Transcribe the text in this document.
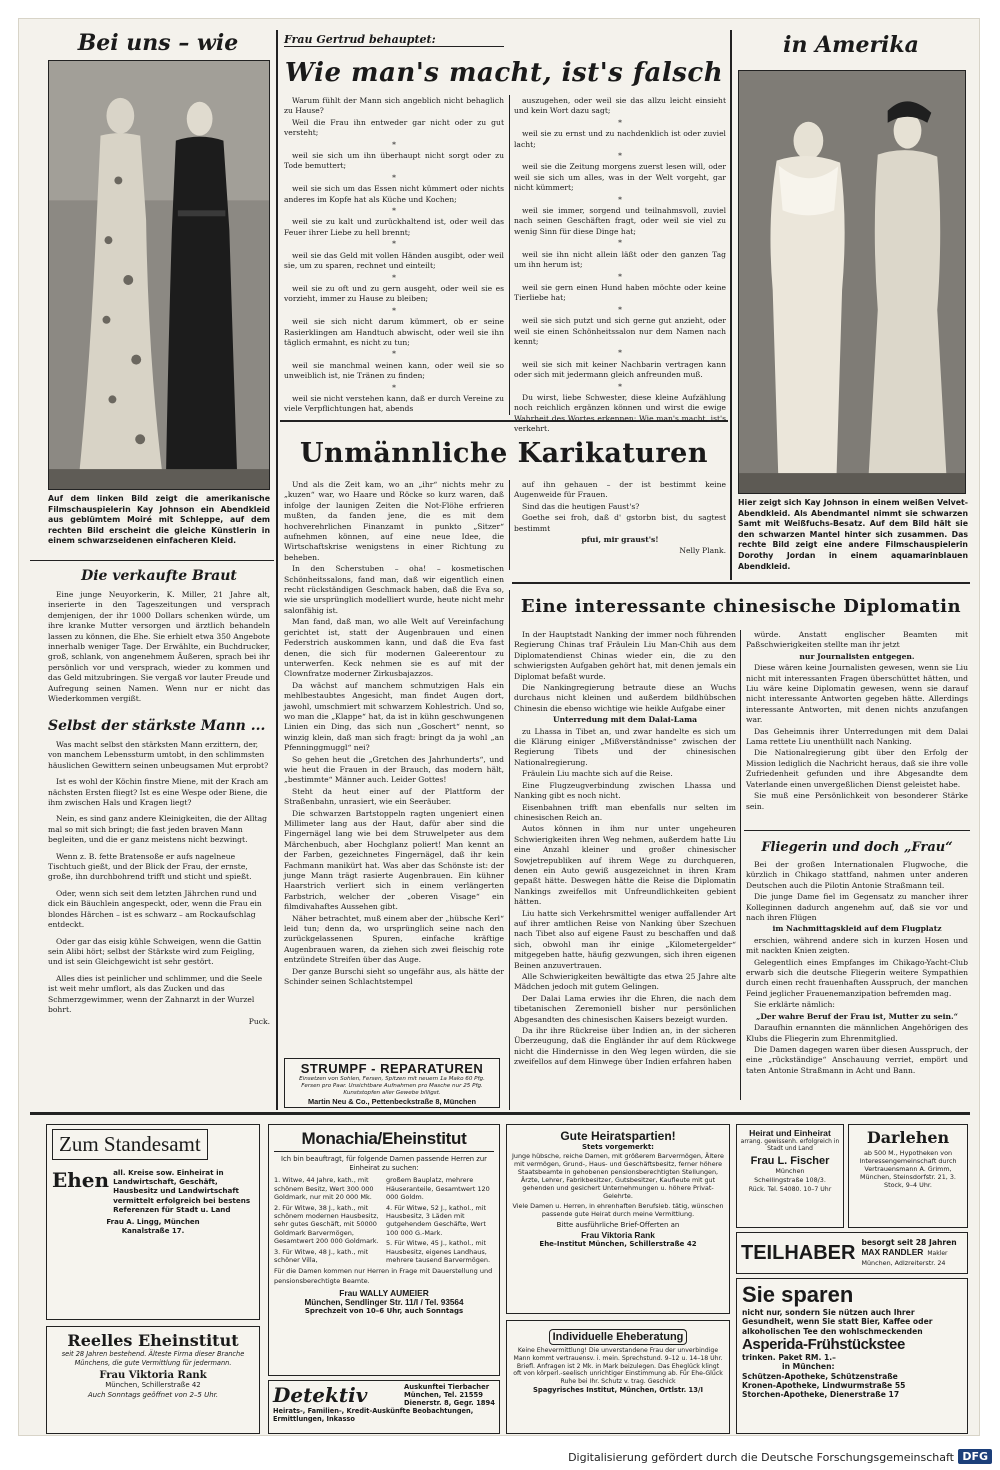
Bei uns – wie	Frau Gertrud behauptet:
Wie man's macht, ist's falsch
in Amerika
Auf dem linken Bild zeigt die amerikanische Filmschauspielerin Kay Johnson ein Abendkleid aus geblümtem Moiré mit Schleppe, auf dem rechten Bild erscheint die gleiche Künstlerin in einem schwarzseidenen einfacheren Kleid.
Hier zeigt sich Kay Johnson in einem weißen Velvet-Abendkleid. Als Abendmantel nimmt sie schwarzen Samt mit Weißfuchs-Besatz. Auf dem Bild hält sie den schwarzen Mantel hinter sich zusammen. Das rechte Bild zeigt eine andere Filmschauspielerin Dorothy Jordan in einem aquamarinblauen Abendkleid.

Warum fühlt der Mann sich angeblich nicht behaglich zu Hause?

Weil die Frau ihn entweder gar nicht oder zu gut versteht;

*

weil sie sich um ihn überhaupt nicht sorgt oder zu Tode bemuttert;

*

weil sie sich um das Essen nicht kümmert oder nichts anderes im Kopfe hat als Küche und Kochen;

*

weil sie zu kalt und zurückhaltend ist, oder weil das Feuer ihrer Liebe zu hell brennt;

*

weil sie das Geld mit vollen Händen ausgibt, oder weil sie, um zu sparen, rechnet und einteilt;

*

weil sie zu oft und zu gern ausgeht, oder weil sie es vorzieht, immer zu Hause zu bleiben;

*

weil sie sich nicht darum kümmert, ob er seine Rasierklingen am Handtuch abwischt, oder weil sie ihn täglich ermahnt, es nicht zu tun;

*

weil sie manchmal weinen kann, oder weil sie so unweiblich ist, nie Tränen zu finden;

*

weil sie nicht verstehen kann, daß er durch Vereine zu viele Verpflichtungen hat, abends

auszugehen, oder weil sie das allzu leicht einsieht und kein Wort dazu sagt;

*

weil sie zu ernst und zu nachdenklich ist oder zuviel lacht;

*

weil sie die Zeitung morgens zuerst lesen will, oder weil sie sich um alles, was in der Welt vorgeht, gar nicht kümmert;

*

weil sie immer, sorgend und teilnahmsvoll, zuviel nach seinen Geschäften fragt, oder weil sie viel zu wenig Sinn für diese Dinge hat;

*

weil sie ihn nicht allein läßt oder den ganzen Tag um ihn herum ist;

*

weil sie gern einen Hund haben möchte oder keine Tierliebe hat;

*

weil sie sich putzt und sich gerne gut anzieht, oder weil sie einen Schönheitssalon nur dem Namen nach kennt;

*

weil sie sich mit keiner Nachbarin vertragen kann oder sich mit jedermann gleich anfreunden muß.

*

Du wirst, liebe Schwester, diese kleine Aufzählung noch reichlich ergänzen können und wirst die ewige Wahrheit des Wortes erkennen: Wie man's macht, ist's verkehrt.

Unmännliche Karikaturen

Und als die Zeit kam, wo an „ihr“ nichts mehr zu „kuzen“ war, wo Haare und Röcke so kurz waren, daß infolge der launigen Zeiten die Not-Flöhe erfrieren mußten, da fanden jene, die es mit dem hochverehrlichen Finanzamt in punkto „Sitzer“ aufnehmen können, auf eine neue Idee, die Wirtschaftskrise wenigstens in einer Richtung zu beheben.

In den Scherstuben – oha! – kosmetischen Schönheitssalons, fand man, daß wir eigentlich einen recht rückständigen Geschmack haben, daß die Eva so, wie sie ursprünglich modelliert wurde, heute nicht mehr salonfähig ist.

Man fand, daß man, wo alle Welt auf Vereinfachung gerichtet ist, statt der Augenbrauen und einen Federstrich auskommen kann, und daß die Eva fast denen, die sich für modernen Galeerentour zu unterwerfen. Keck nehmen sie es auf mit der Clownfratze moderner Zirkusbajazzos.

Da wächst auf manchem schmutzigen Hals ein mehlbestaubtes Angesicht, man findet Augen dort, jawohl, umschmiert mit schwarzem Kohlestrich. Und so, wo man die „Klappe“ hat, da ist in kühn geschwungenen Linien ein Ding, das sich nun „Goschert“ nennt, so winzig klein, daß man sich fragt: bringt da ja wohl „an Pfenninggmuggl“ nei?

So gehen heut die „Gretchen des Jahrhunderts“, und wie heut die Frauen in der Brauch, das modern hält, „bestimmte“ Männer auch. Leider Gottes!

Steht da heut einer auf der Plattform der Straßenbahn, unrasiert, wie ein Seeräuber.

Die schwarzen Bartstoppeln ragten ungeniert einen Millimeter lang aus der Haut, dafür aber sind die Fingernägel lang wie bei dem Struwelpeter aus dem Märchenbuch, aber Hochglanz poliert! Man kennt an der Farben, gezeichnetes Fingernägel, daß ihr kein Fachmann manikürt hat. Was aber das Schönste ist: der junge Mann trägt rasierte Augenbrauen. Ein kühner Haarstrich verliert sich in einem verlängerten Farbstrich, welcher der „oberen Visage“ ein filmdivahaftes Aussehen gibt.

Näher betrachtet, muß einem aber der „hübsche Kerl“ leid tun; denn da, wo ursprünglich seine nach den zurückgelassenen Spuren, einfache kräftige Augenbrauen waren, da ziehen sich zwei fleischig rote entzündete Streifen über das Auge.

Der ganze Burschi sieht so ungefähr aus, als hätte der Schinder seinen Schlachtstempel

auf ihn gehauen – der ist bestimmt keine Augenweide für Frauen.

Sind das die heutigen Faust's?

Goethe sei froh, daß d' gstorbn bist, du sagtest bestimmt

pfui, mir graust's!

Nelly Plank.

STRUMPF - REPARATUREN
Einsetzen von Sohlen, Fersen, Spitzen mit neuem 1a Mako 60 Pfg. Fersen pro Paar. Unsichtbare Aufnahmen pro Masche nur 25 Pfg. Kunststopfen aller Gewebe billigst.
Martin Neu & Co., Pettenbeckstraße 8, München
Die verkaufte Braut
Eine junge Neuyorkerin, K. Miller, 21 Jahre alt, inserierte in den Tageszeitungen und versprach demjenigen, der ihr 1000 Dollars schenken würde, um ihre kranke Mutter versorgen und ärztlich behandeln lassen zu können, die Ehe. Sie erhielt etwa 350 Angebote innerhalb weniger Tage. Der Erwählte, ein Buchdrucker, groß, schlank, von angenehmem Äußeren, sprach bei ihr persönlich vor und versprach, wieder zu kommen und das Geld mitzubringen. Sie vergaß vor lauter Freude und Aufregung seinen Namen. Wenn nur er nicht das Wiederkommen vergißt.
Selbst der stärkste Mann ...

Was macht selbst den stärksten Mann erzittern, der, von manchem Lebenssturm umtobt, in den schlimmsten häuslichen Gewittern seinen unbeugsamen Mut erprobt?

Ist es wohl der Köchin finstre Miene, mit der Krach am nächsten Ersten fliegt? Ist es eine Wespe oder Biene, die ihm zwischen Hals und Kragen liegt?

Nein, es sind ganz andere Kleinigkeiten, die der Alltag mal so mit sich bringt; die fast jeden braven Mann begleiten, und die er ganz meistens nicht bezwingt.

Wenn z. B. fette Bratensoße er aufs nagelneue Tischtuch gießt, und der Blick der Frau, der ernste, große, ihn durchbohrend trifft und sticht und spießt.

Oder, wenn sich seit dem letzten Jährchen rund und dick ein Bäuchlein angespeckt, oder, wenn die Frau ein blondes Härchen – ist es schwarz – am Rockaufschlag entdeckt.

Oder gar das eisig kühle Schweigen, wenn die Gattin sein Alibi hört; selbst der Stärkste wird zum Feigling, und ist sein Gleichgewicht ist sehr gestört.

Alles dies ist peinlicher und schlimmer, und die Seele ist weit mehr umflort, als das Zucken und das Schmerzgewimmer, wenn der Zahnarzt in der Wurzel bohrt.

Puck.

Eine interessante chinesische Diplomatin

In der Hauptstadt Nanking der immer noch führenden Regierung Chinas traf Fräulein Liu Man-Chih aus dem Diplomatendienst Chinas wieder ein, die zu den schwierigsten Aufgaben gehört hat, mit denen jemals ein Diplomat befaßt wurde.

Die Nankingregierung betraute diese an Wuchs durchaus nicht kleinen und außerdem bildhübschen Chinesin die ebenso wichtige wie heikle Aufgabe einer

Unterredung mit dem Dalai-Lama

zu Lhassa in Tibet an, und zwar handelte es sich um die Klärung einiger „Mißverständnisse“ zwischen der Regierung Tibets und der chinesischen Nationalregierung.

Fräulein Liu machte sich auf die Reise.

Eine Flugzeugverbindung zwischen Lhassa und Nanking gibt es noch nicht.

Eisenbahnen trifft man ebenfalls nur selten im chinesischen Reich an.

Autos können in ihm nur unter ungeheuren Schwierigkeiten ihren Weg nehmen, außerdem hatte Liu eine Anzahl kleiner und großer chinesischer Sowjetrepubliken auf ihrem Wege zu durchqueren, denen ein Auto gewiß ausgezeichnet in ihren Kram gepaßt hätte. Deswegen hätte die Reise die Diplomatin Nankings zweifellos mit Unfreundlichkeiten gebient hätten.

Liu hatte sich Verkehrsmittel weniger auffallender Art auf ihrer amtlichen Reise von Nanking über Szechuen nach Tibet also auf eigene Faust zu beschaffen und daß sich, obwohl man ihr einige „Kilometergelder“ mitgegeben hatte, häufig gezwungen, sich ihren eigenen Beinen anzuvertrauen.

Alle Schwierigkeiten bewältigte das etwa 25 Jahre alte Mädchen jedoch mit gutem Gelingen.

Der Dalai Lama erwies ihr die Ehren, die nach dem tibetanischen Zeremoniell bisher nur persönlichen Abgesandten des chinesischen Kaisers bezeigt wurden.

Da ihr ihre Rückreise über Indien an, in der sicheren Überzeugung, daß die Engländer ihr auf dem Rückwege nicht die Hindernisse in den Weg legen würden, die sie zweifellos auf dem Hinwege über Indien erfahren haben

würde. Anstatt englischer Beamten mit Paßschwierigkeiten stellte man ihr jetzt

nur Journalisten entgegen.

Diese wären keine Journalisten gewesen, wenn sie Liu nicht mit interessanten Fragen überschüttet hätten, und Liu wäre keine Diplomatin gewesen, wenn sie darauf nicht interessante Antworten gegeben hätte. Allerdings interessante Antworten, mit denen nichts anzufangen war.

Das Geheimnis ihrer Unterredungen mit dem Dalai Lama rettete Liu unenthüllt nach Nanking.

Die Nationalregierung gibt über den Erfolg der Mission lediglich die Nachricht heraus, daß sie ihre volle Zufriedenheit gefunden und ihre Abgesandte dem Vaterlande einen unvergeßlichen Dienst geleistet habe.

Sie muß eine Persönlichkeit von besonderer Stärke sein.

Fliegerin und doch „Frau“

Bei der großen Internationalen Flugwoche, die kürzlich in Chikago stattfand, nahmen unter anderen Deutschen auch die Pilotin Antonie Straßmann teil.

Die junge Dame fiel im Gegensatz zu mancher ihrer Kolleginnen dadurch angenehm auf, daß sie vor und nach ihren Flügen

im Nachmittagskleid auf dem Flugplatz

erschien, während andere sich in kurzen Hosen und mit nackten Knien zeigten.

Gelegentlich eines Empfanges im Chikago-Yacht-Club erwarb sich die deutsche Fliegerin weitere Sympathien durch einen recht frauenhaften Ausspruch, der manchen Feind jeglicher Frauenemanzipation befremden mag.

Sie erklärte nämlich:

„Der wahre Beruf der Frau ist, Mutter zu sein.“

Daraufhin ernannten die männlichen Angehörigen des Klubs die Fliegerin zum Ehrenmitglied.

Die Damen dagegen waren über diesen Ausspruch, der eine „rückständige“ Anschauung verriet, empört und taten Antonie Straßmann in Acht und Bann.

Zum Standesamt
Ehen all. Kreise sow. Einheirat in Landwirtschaft, Geschäft, Hausbesitz und Landwirtschaft vermittelt erfolgreich bei bestens Referenzen für Stadt u. Land
Frau A. Lingg, München
Kanalstraße 17.
Reelles Eheinstitut
seit 28 Jahren bestehend. Älteste Firma dieser Branche Münchens, die gute Vermittlung für jedermann.
Frau Viktoria Rank
München, Schillerstraße 42
Auch Sonntags geöffnet von 2–5 Uhr.
Monachia/Eheinstitut
Ich bin beauftragt, für folgende Damen passende Herren zur Einheirat zu suchen:
1. Witwe, 44 Jahre, kath., mit schönem Besitz, Wert 300 000 Goldmark, nur mit 20 000 Mk.
2. Für Witwe, 38 J., kath., mit schönem modernen Hausbesitz, sehr gutes Geschäft, mit 50000 Goldmark Barvermögen, Gesamtwert 200 000 Goldmark.
3. Für Witwe, 48 J., kath., mit schöner Villa,
großem Bauplatz, mehrere Häuseranteile, Gesamtwert 120 000 Goldm.
4. Für Witwe, 52 J., kathol., mit Hausbesitz, 3 Läden mit gutgehendem Geschäfte, Wert 100 000 G.-Mark.
5. Für Witwe, 45 J., kathol., mit Hausbesitz, eigenes Landhaus, mehrere tausend Barvermögen.
Für die Damen kommen nur Herren in Frage mit Dauerstellung und pensionsberechtigte Beamte.
Frau WALLY AUMEIER
München, Sendlinger Str. 11/I / Tel. 93564
Sprechzeit von 10–6 Uhr, auch Sonntags
Detektiv	Auskunftei Tierbacher
München, Tel. 21559
Dienerstr. 8, Gegr. 1894
Heirats-, Familien-, Kredit-Auskünfte Beobachtungen, Ermittlungen, Inkasso
Gute Heiratspartien!
Stets vorgemerkt:
Junge hübsche, reiche Damen, mit größerem Barvermögen, Ältere mit vermögen, Grund-, Haus- und Geschäftsbesitz, ferner höhere Staatsbeamte in gehobenen pensionsberechtigten Stellungen, Ärzte, Lehrer, Fabrikbesitzer, Gutsbesitzer, Kaufleute mit gut gehenden und gesichert Unternehmungen u. höhere Privat-Gelehrte.
Viele Damen u. Herren, in ehrenhaften Berufsleb. tätig, wünschen passende gute Heirat durch meine Vermittlung.
Bitte ausführliche Brief-Offerten an
Frau Viktoria Rank
Ehe-Institut München, Schillerstraße 42
Individuelle Eheberatung
Keine Ehevermittlung! Die unverstandene Frau der unverbindige Mann kommt vertrauensv. i. mein. Sprechstund. 9–12 u. 14–18 Uhr. Briefl. Anfragen ist 2 Mk. in Mark beizulegen. Das Eheglück klingt oft von körperl.-seelisch unrichtiger Einstimmung ab. Für Ehe-Glück Ruhe bei Ihr. Schutz v. trag. Geschick
Spagyrisches Institut, München, Ortlstr. 13/I
Heirat und Einheirat
arrang. gewissenh. erfolgreich in Stadt und Land
Frau L. Fischer
München
Schellingstraße 108/3.
Rück. Tel. 54080. 10–7 Uhr
Darlehen
ab 500 M., Hypotheken von Interessengemeinschaft durch Vertrauensmann A. Grimm, München, Steinsdorfstr. 21, 3. Stock, 9–4 Uhr.
TEILHABER besorgt seit 28 Jahren
MAX RANDLER Makler
München, Adlzreiterstr. 24
Sie sparen
nicht nur, sondern Sie nützen auch Ihrer Gesundheit, wenn Sie statt Bier, Kaffee oder alkoholischen Tee den wohlschmeckenden
Asperida-Frühstückstee
trinken. Paket RM. 1.–
in München:
Schützen-Apotheke, Schützenstraße
Kronen-Apotheke, Lindwurmstraße 55
Storchen-Apotheke, Dienerstraße 17
Digitalisierung gefördert durch die Deutsche Forschungsgemeinschaft DFG
